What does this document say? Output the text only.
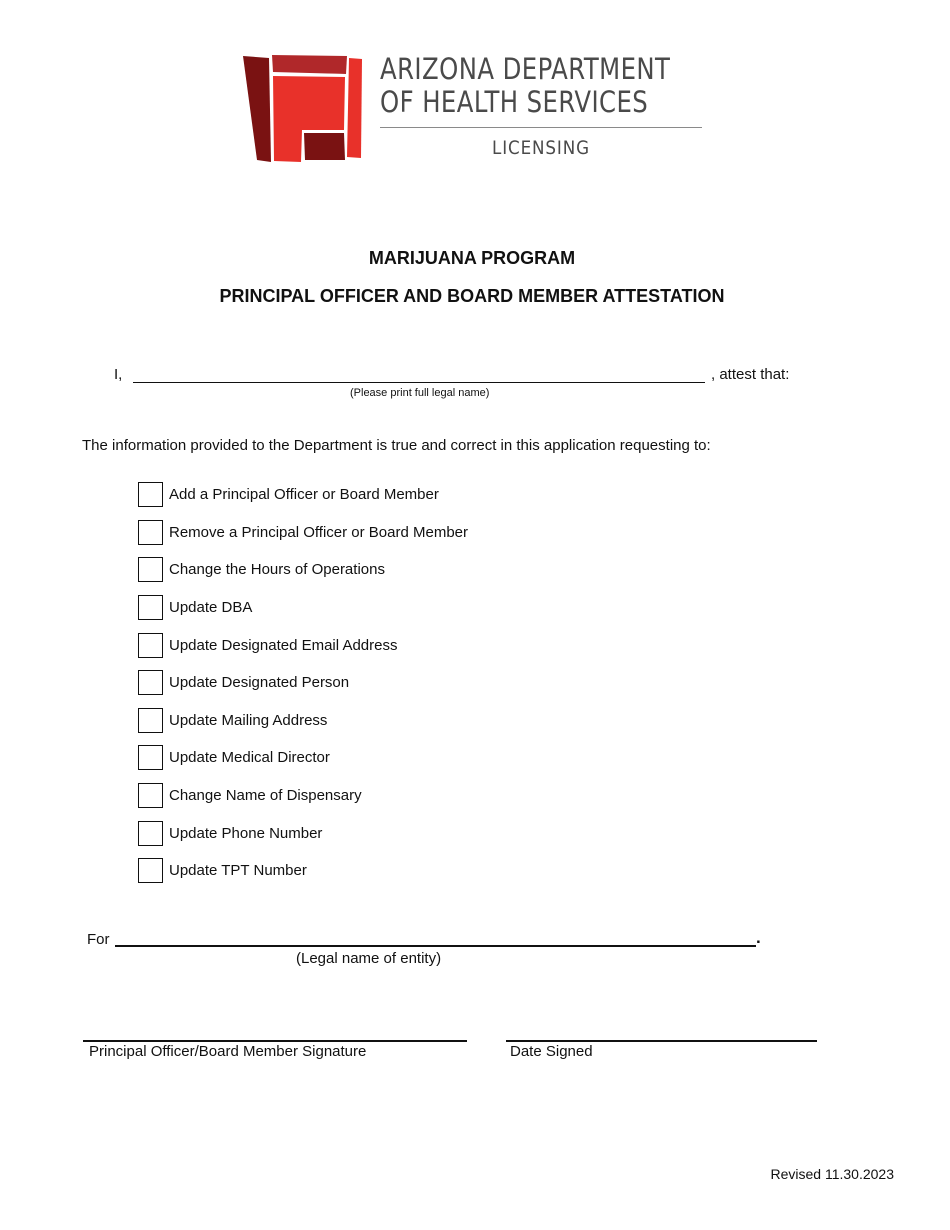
ARIZONA DEPARTMENT
OF HEALTH SERVICES
LICENSING
MARIJUANA PROGRAM
PRINCIPAL OFFICER AND BOARD MEMBER ATTESTATION
I,	, attest that:
(Please print full legal name)
The information provided to the Department is true and correct in this application requesting to:
Add a Principal Officer or Board Member
Remove a Principal Officer or Board Member
Change the Hours of Operations
Update DBA
Update Designated Email Address
Update Designated Person
Update Mailing Address
Update Medical Director
Change Name of Dispensary
Update Phone Number
Update TPT Number
For	.
(Legal name of entity)
Principal Officer/Board Member Signature	Date Signed
Revised 11.30.2023
